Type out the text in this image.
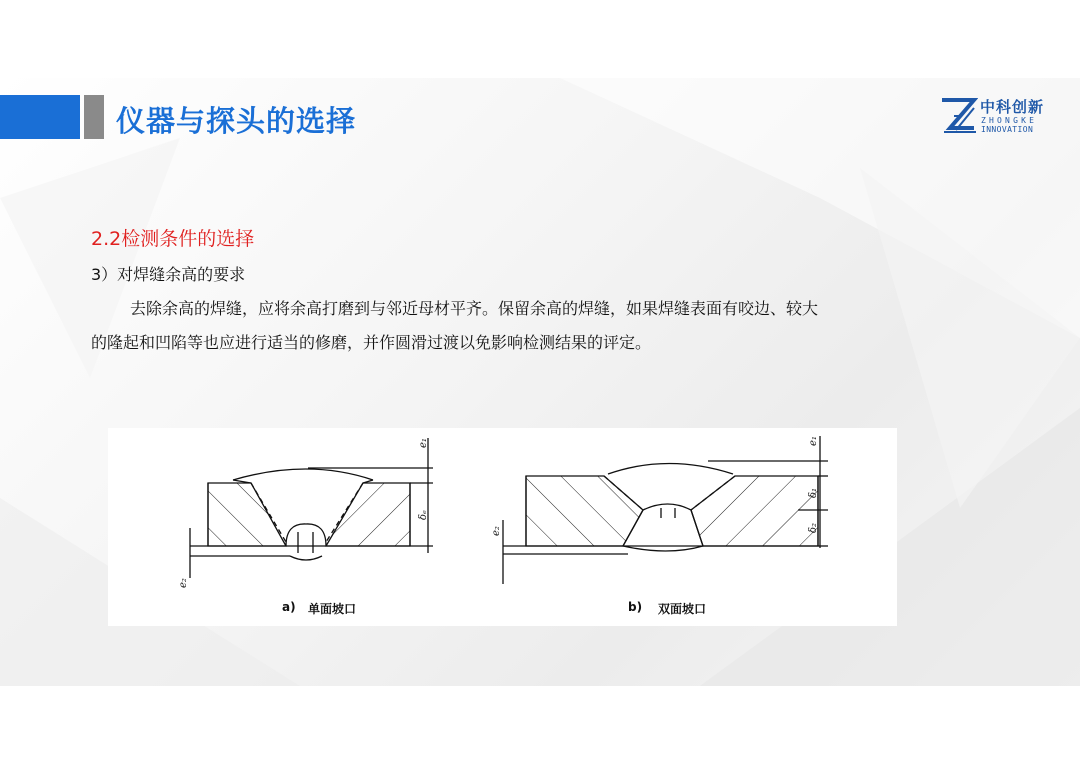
仪器与探头的选择	中科创新
ZHONGKE
INNOVATION
2.2检测条件的选择
3）对焊缝余高的要求
去除余高的焊缝，应将余高打磨到与邻近母材平齐。保留余高的焊缝，如果焊缝表面有咬边、较大的隆起和凹陷等也应进行适当的修磨，并作圆滑过渡以免影响检测结果的评定。
e₁
δₑ
e₂
e₁
δ₁
δ₂
e₂
a) 单面坡口	b) 双面坡口
